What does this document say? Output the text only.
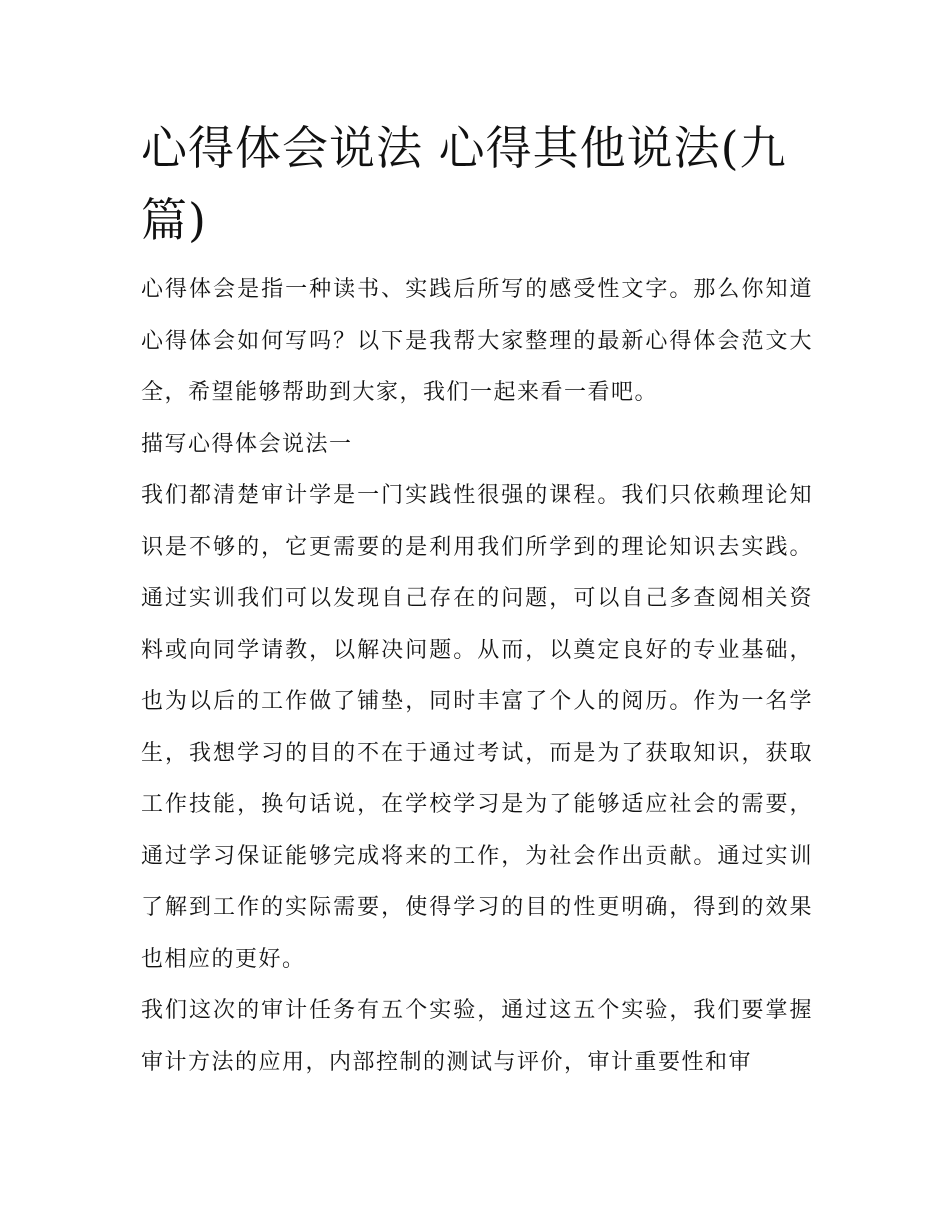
心得体会说法 心得其他说法(九篇)

心得体会是指一种读书、实践后所写的感受性文字。那么你知道心得体会如何写吗？以下是我帮大家整理的最新心得体会范文大全，希望能够帮助到大家，我们一起来看一看吧。

描写心得体会说法一

我们都清楚审计学是一门实践性很强的课程。我们只依赖理论知识是不够的，它更需要的是利用我们所学到的理论知识去实践。通过实训我们可以发现自己存在的问题，可以自己多查阅相关资料或向同学请教，以解决问题。从而，以奠定良好的专业基础，也为以后的工作做了铺垫，同时丰富了个人的阅历。作为一名学生，我想学习的目的不在于通过考试，而是为了获取知识，获取工作技能，换句话说，在学校学习是为了能够适应社会的需要，通过学习保证能够完成将来的工作，为社会作出贡献。通过实训了解到工作的实际需要，使得学习的目的性更明确，得到的效果也相应的更好。

我们这次的审计任务有五个实验，通过这五个实验，我们要掌握审计方法的应用，内部控制的测试与评价，审计重要性和审
